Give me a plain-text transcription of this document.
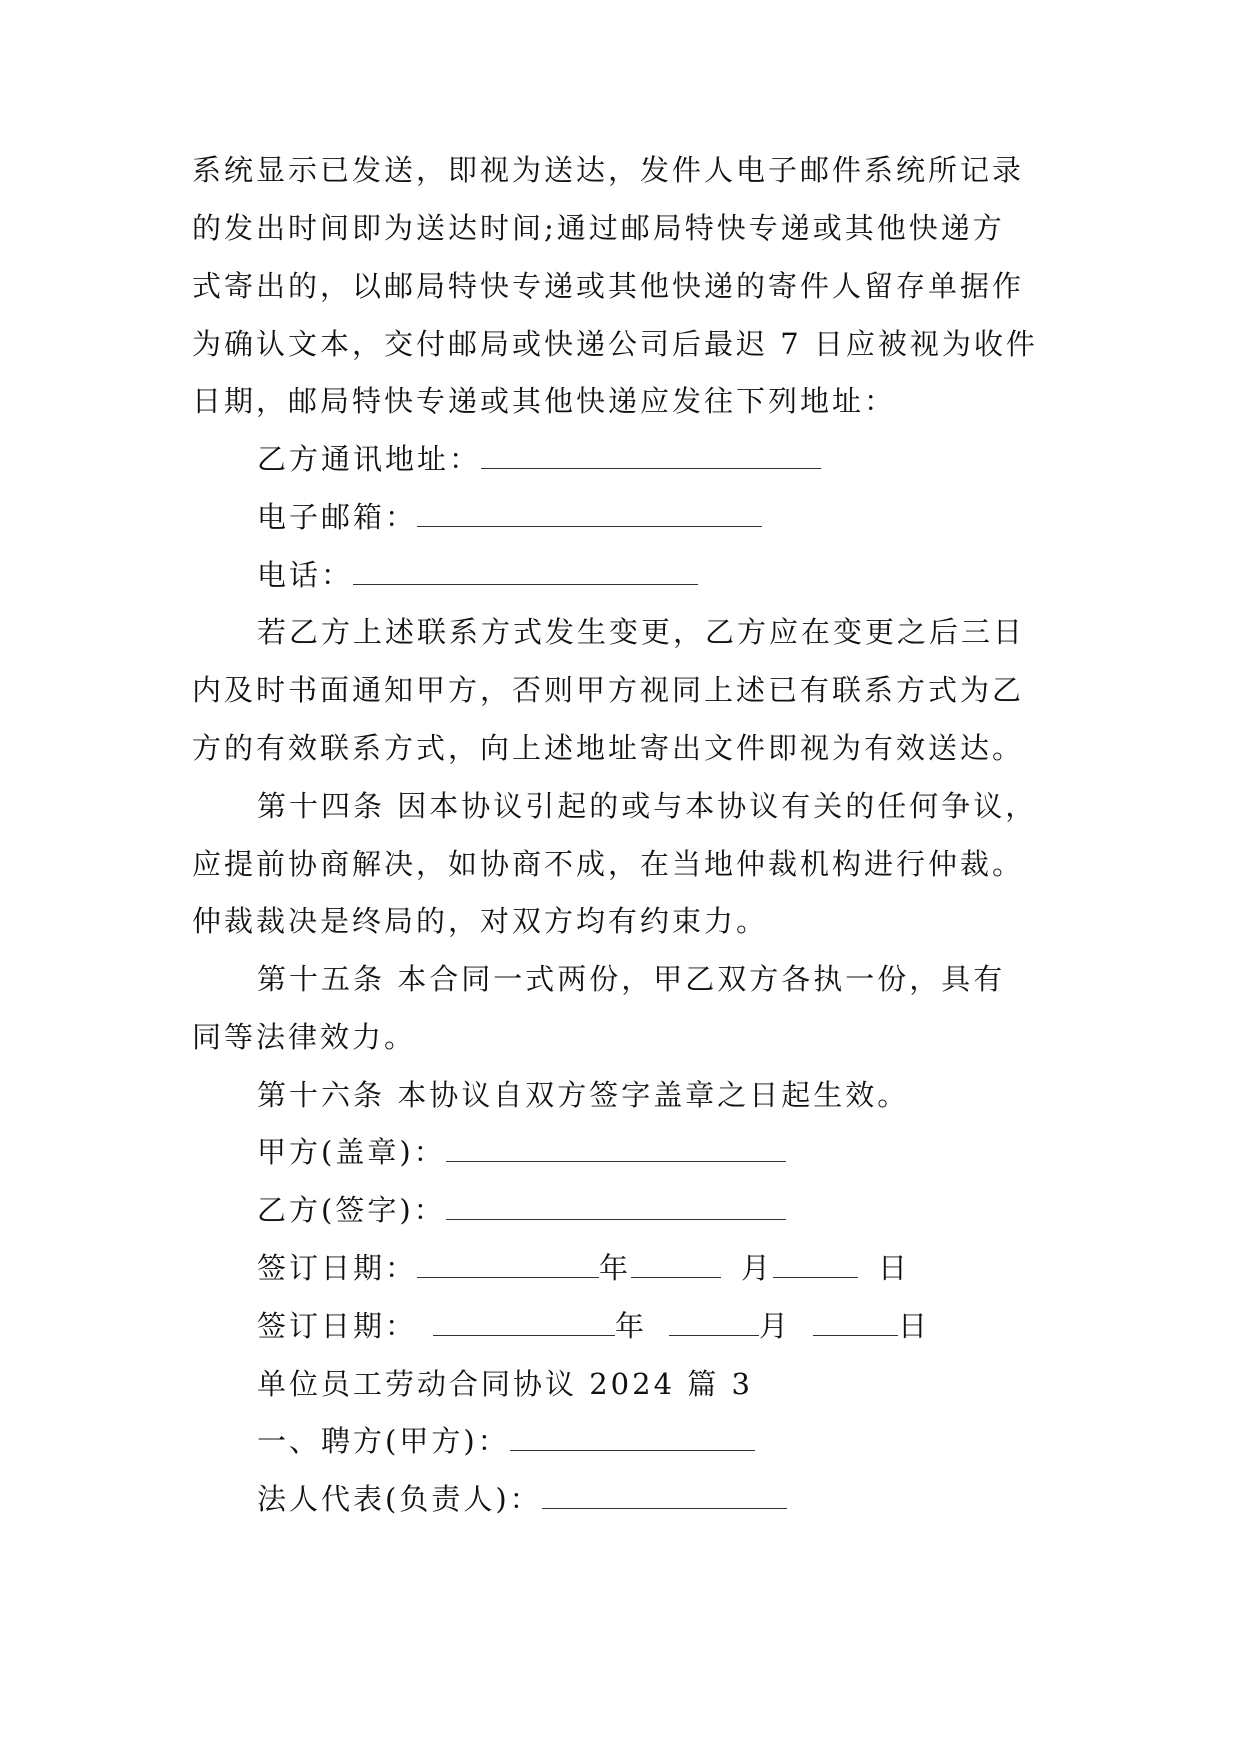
系统显示已发送，即视为送达，发件人电子邮件系统所记录
的发出时间即为送达时间;通过邮局特快专递或其他快递方
式寄出的，以邮局特快专递或其他快递的寄件人留存单据作
为确认文本，交付邮局或快递公司后最迟 7 日应被视为收件
日期，邮局特快专递或其他快递应发往下列地址：
乙方通讯地址：
电子邮箱：
电话：
若乙方上述联系方式发生变更，乙方应在变更之后三日
内及时书面通知甲方，否则甲方视同上述已有联系方式为乙
方的有效联系方式，向上述地址寄出文件即视为有效送达。
第十四条 因本协议引起的或与本协议有关的任何争议，
应提前协商解决，如协商不成，在当地仲裁机构进行仲裁。
仲裁裁决是终局的，对双方均有约束力。
第十五条 本合同一式两份，甲乙双方各执一份，具有
同等法律效力。
第十六条 本协议自双方签字盖章之日起生效。
甲方(盖章)：
乙方(签字)：
签订日期：	年	月	日
签订日期：	年	月	日
单位员工劳动合同协议 2024 篇 3
一、聘方(甲方)：
法人代表(负责人)：
